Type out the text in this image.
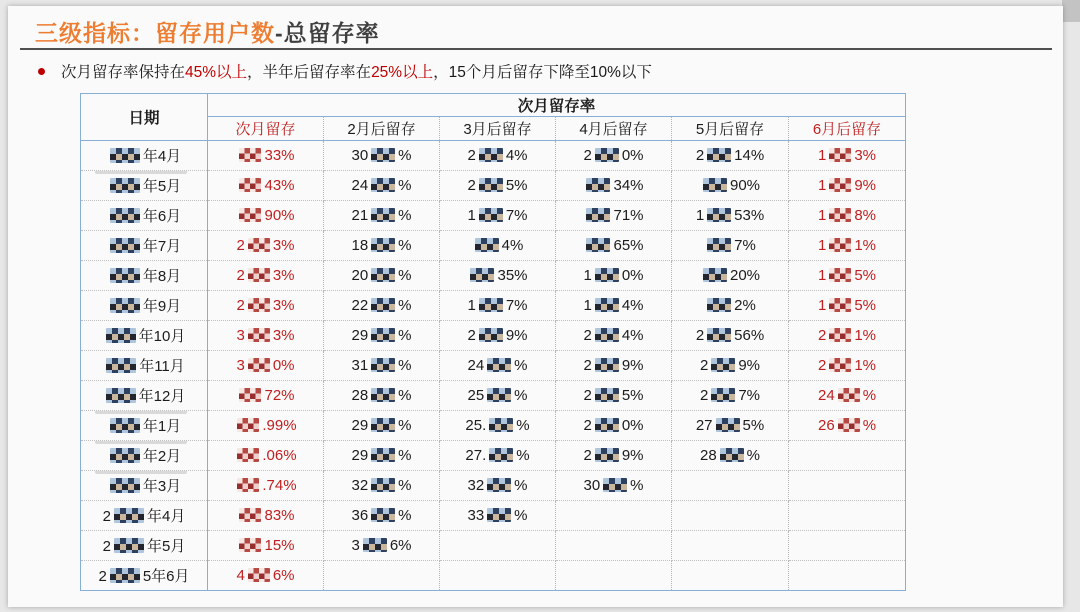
三级指标：留存用户数-总留存率
次月留存率保持在45%以上，半年后留存率在25%以上，15个月后留存下降至10%以下
日期	次月留存率					
	次月留存	2月后留存	3月后留存	4月后留存	5月后留存	6月后留存
年4月	33%	30 %	2 4%	2 0%	2 14%	1 3%
年5月	43%	24 %	2 5%	34%	90%	1 9%
年6月	90%	21 %	1 7%	71%	1 53%	1 8%
年7月	2 3%	18 %	4%	65%	7%	1 1%
年8月	2 3%	20 %	35%	1 0%	20%	1 5%
年9月	2 3%	22 %	1 7%	1 4%	2%	1 5%
年10月	3 3%	29 %	2 9%	2 4%	2 56%	2 1%
年11月	3 0%	31 %	24 %	2 9%	2 9%	2 1%
年12月	72%	28 %	25 %	2 5%	2 7%	24 %
年1月	.99%	29 %	25. %	2 0%	27 5%	26 %
年2月	.06%	29 %	27. %	2 9%	28 %	
年3月	.74%	32 %	32 %	30 %		
2 年4月	83%	36 %	33 %			
2 年5月	15%	3 6%				
2 5年6月	4 6%					
